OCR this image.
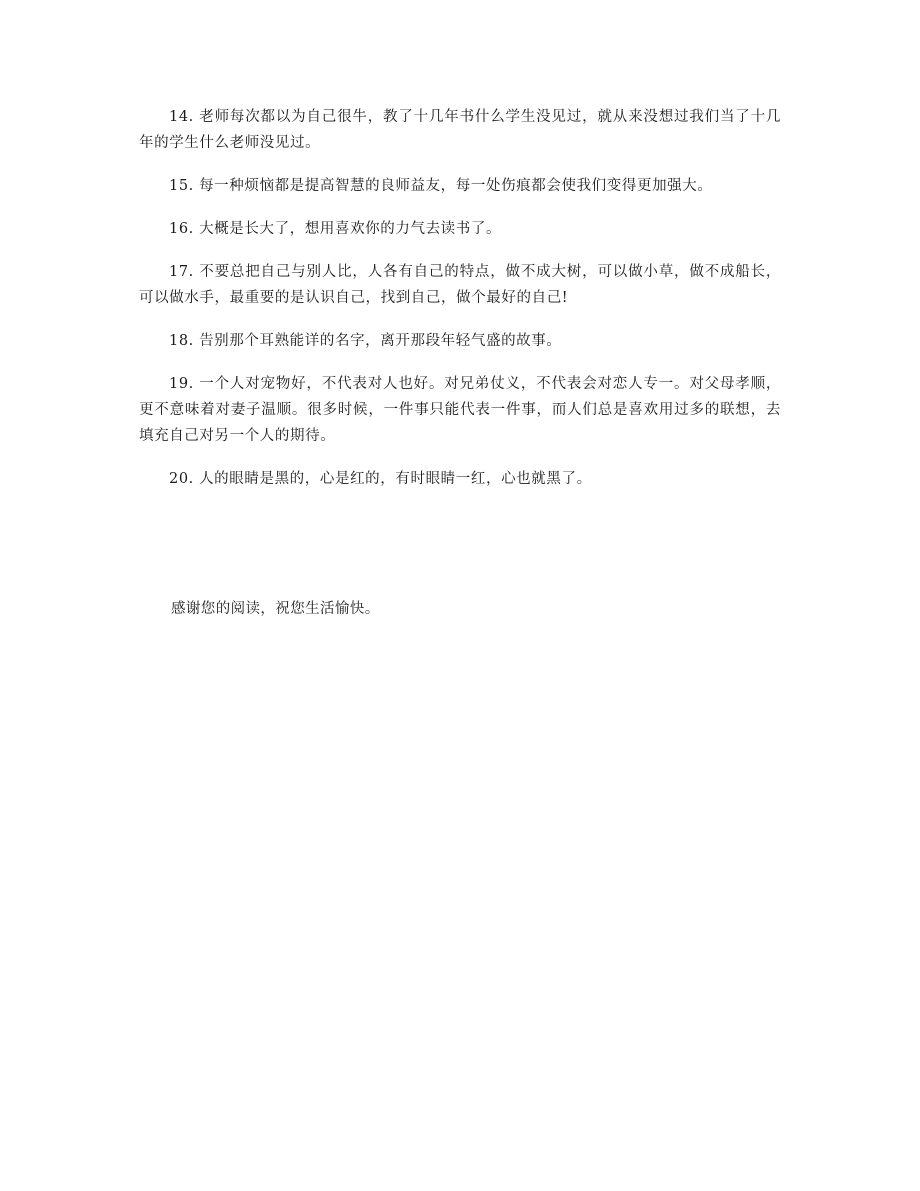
14. 老师每次都以为自己很牛，教了十几年书什么学生没见过，就从来没想过我们当了十几年的学生什么老师没见过。

15. 每一种烦恼都是提高智慧的良师益友，每一处伤痕都会使我们变得更加强大。

16. 大概是长大了，想用喜欢你的力气去读书了。

17. 不要总把自己与别人比，人各有自己的特点，做不成大树，可以做小草，做不成船长，可以做水手，最重要的是认识自己，找到自己，做个最好的自己!

18. 告别那个耳熟能详的名字，离开那段年轻气盛的故事。

19. 一个人对宠物好，不代表对人也好。对兄弟仗义，不代表会对恋人专一。对父母孝顺，更不意味着对妻子温顺。很多时候，一件事只能代表一件事，而人们总是喜欢用过多的联想，去填充自己对另一个人的期待。

20. 人的眼睛是黑的，心是红的，有时眼睛一红，心也就黑了。

感谢您的阅读，祝您生活愉快。
